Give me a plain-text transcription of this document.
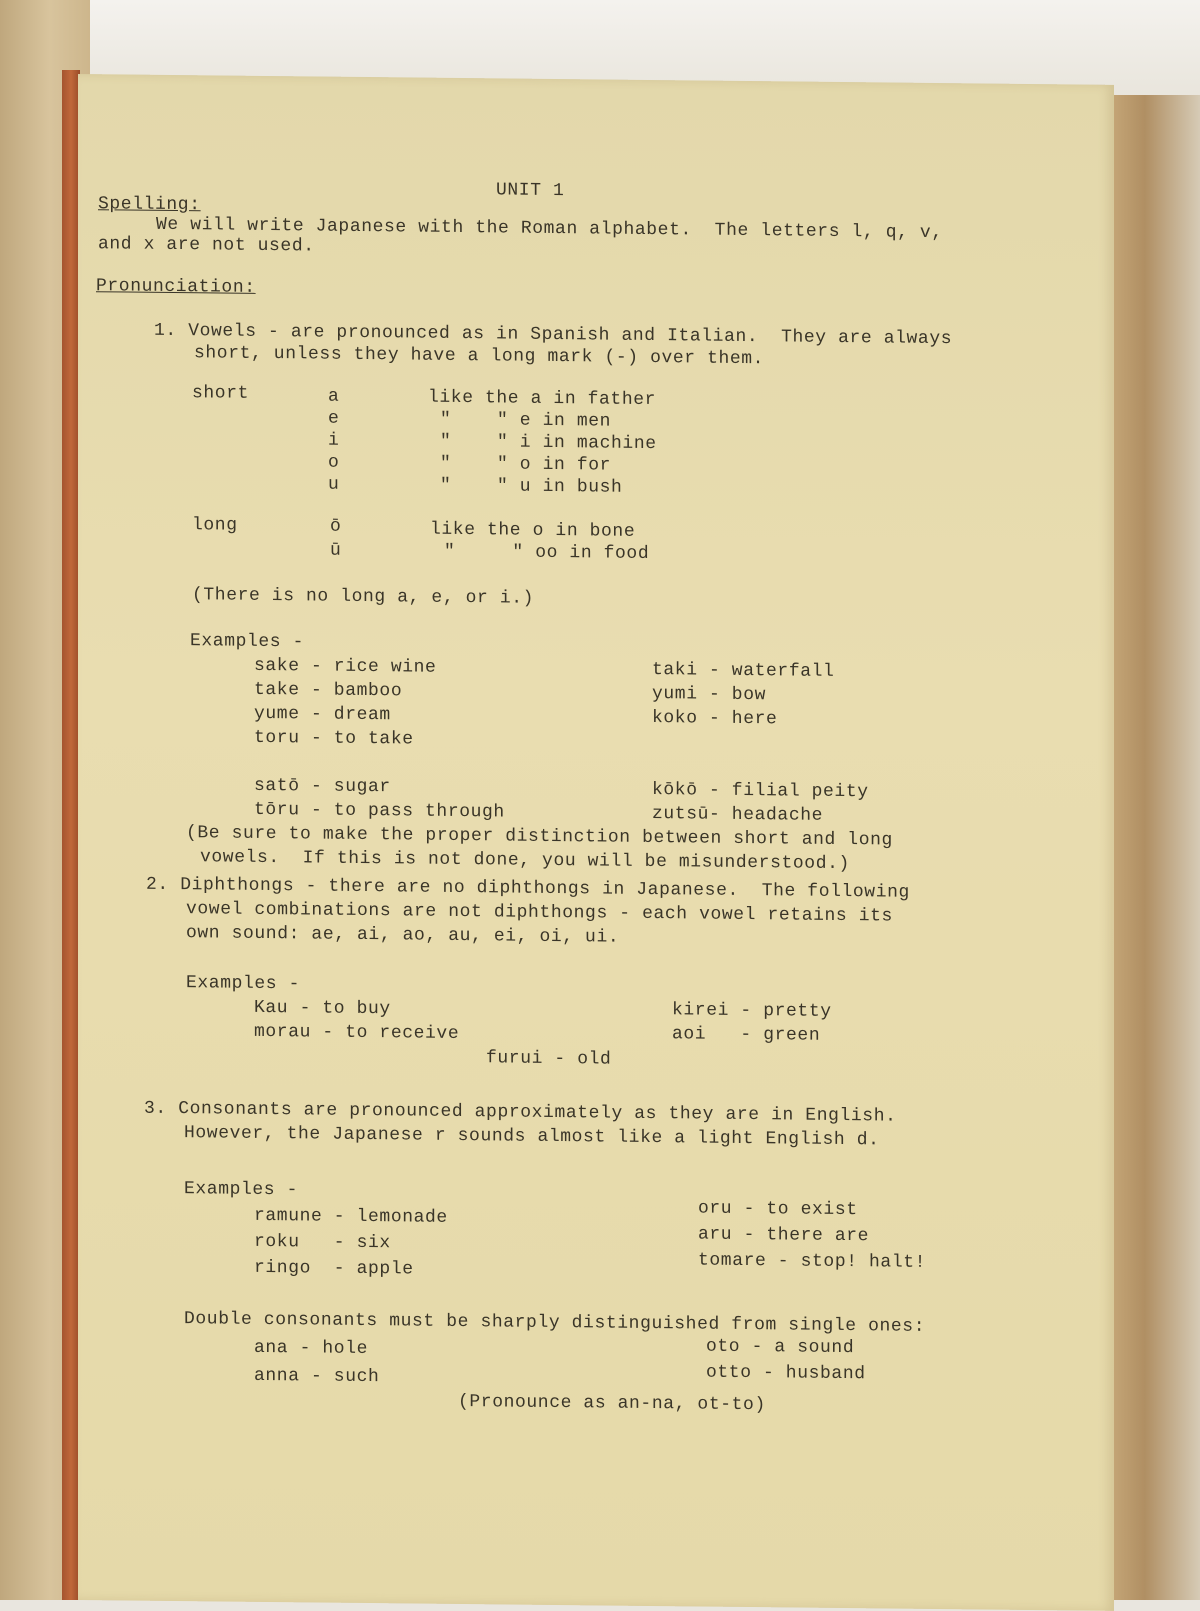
UNIT 1
Spelling:
We will write Japanese with the Roman alphabet.  The letters l, q, v,
and x are not used.
Pronunciation:
1. Vowels - are pronounced as in Spanish and Italian.  They are always
short, unless they have a long mark (-) over them.
short	a	like the a in father
e	"    " e in men
i	"    " i in machine
o	"    " o in for
u	"    " u in bush
long	ō	like the o in bone
ū	"     " oo in food
(There is no long a, e, or i.)
Examples -
sake - rice wine
take - bamboo
yume - dream
toru - to take
taki - waterfall
yumi - bow
koko - here
satō - sugar
tōru - to pass through
kōkō - filial peity
zutsū- headache
(Be sure to make the proper distinction between short and long
vowels.  If this is not done, you will be misunderstood.)
2. Diphthongs - there are no diphthongs in Japanese.  The following
vowel combinations are not diphthongs - each vowel retains its
own sound: ae, ai, ao, au, ei, oi, ui.
Examples -
Kau - to buy
morau - to receive
kirei - pretty
aoi   - green
furui - old
3. Consonants are pronounced approximately as they are in English.
However, the Japanese r sounds almost like a light English d.
Examples -
ramune - lemonade
roku   - six
ringo  - apple
oru - to exist
aru - there are
tomare - stop! halt!
Double consonants must be sharply distinguished from single ones:
ana - hole
anna - such
oto - a sound
otto - husband
(Pronounce as an-na, ot-to)
